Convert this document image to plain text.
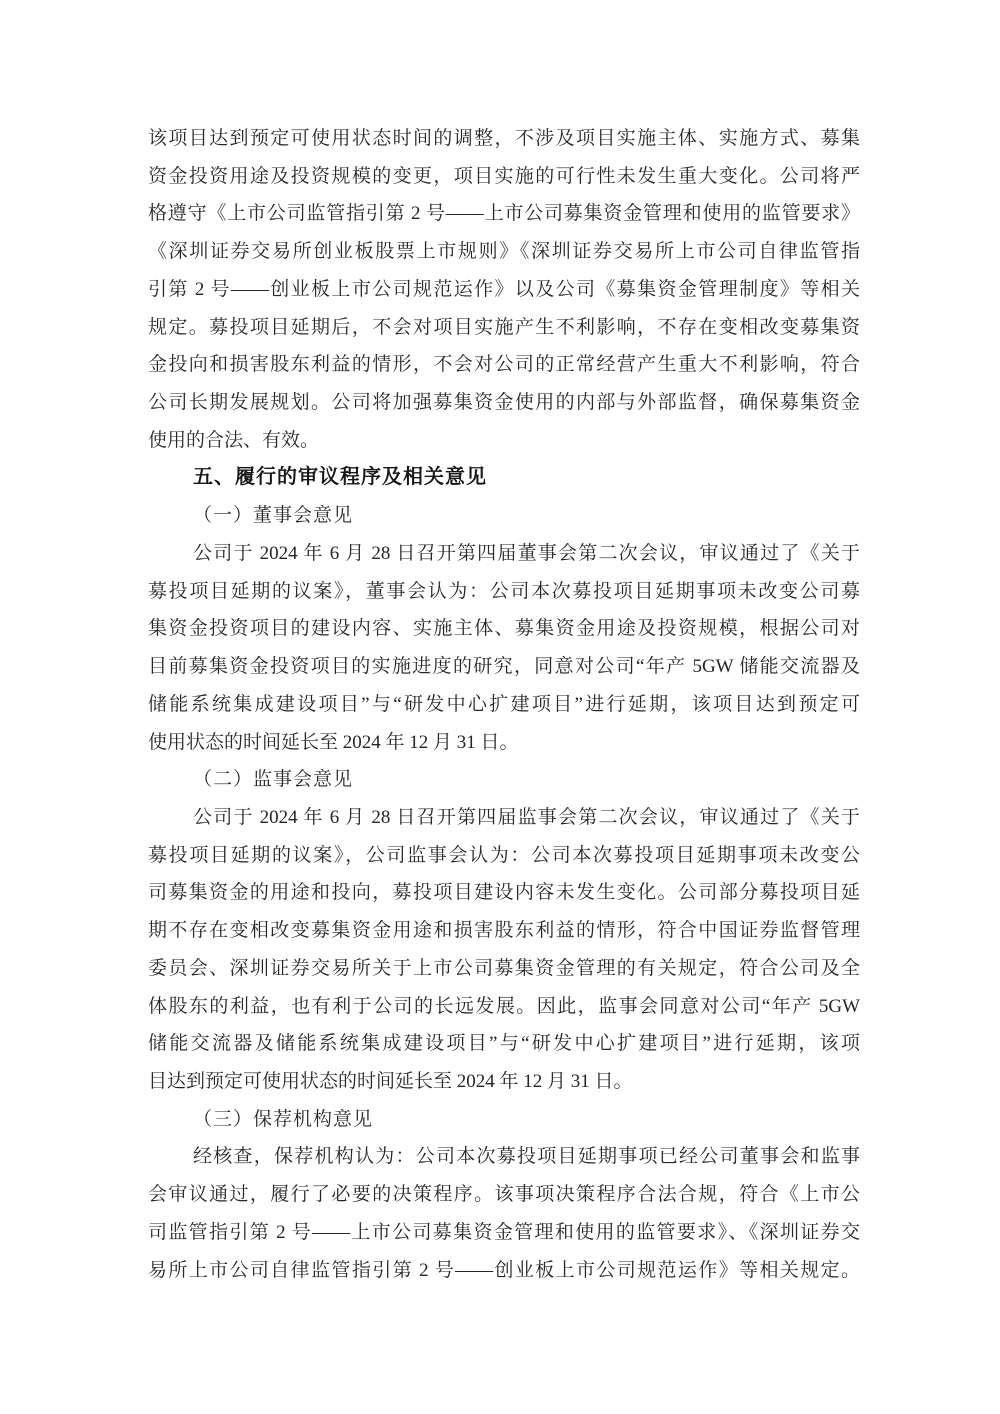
该项目达到预定可使用状态时间的调整，不涉及项目实施主体、实施方式、募集
资金投资用途及投资规模的变更，项目实施的可行性未发生重大变化。公司将严
格遵守《上市公司监管指引第 2 号——上市公司募集资金管理和使用的监管要求》
《深圳证券交易所创业板股票上市规则》《深圳证券交易所上市公司自律监管指
引第 2 号——创业板上市公司规范运作》以及公司《募集资金管理制度》等相关
规定。募投项目延期后，不会对项目实施产生不利影响，不存在变相改变募集资
金投向和损害股东利益的情形，不会对公司的正常经营产生重大不利影响，符合
公司长期发展规划。公司将加强募集资金使用的内部与外部监督，确保募集资金
使用的合法、有效。
五、履行的审议程序及相关意见
（一）董事会意见
公司于 2024 年 6 月 28 日召开第四届董事会第二次会议，审议通过了《关于
募投项目延期的议案》，董事会认为：公司本次募投项目延期事项未改变公司募
集资金投资项目的建设内容、实施主体、募集资金用途及投资规模，根据公司对
目前募集资金投资项目的实施进度的研究，同意对公司“年产 5GW 储能交流器及
储能系统集成建设项目”与“研发中心扩建项目”进行延期，该项目达到预定可
使用状态的时间延长至 2024 年 12 月 31 日。
（二）监事会意见
公司于 2024 年 6 月 28 日召开第四届监事会第二次会议，审议通过了《关于
募投项目延期的议案》，公司监事会认为：公司本次募投项目延期事项未改变公
司募集资金的用途和投向，募投项目建设内容未发生变化。公司部分募投项目延
期不存在变相改变募集资金用途和损害股东利益的情形，符合中国证券监督管理
委员会、深圳证券交易所关于上市公司募集资金管理的有关规定，符合公司及全
体股东的利益，也有利于公司的长远发展。因此，监事会同意对公司“年产 5GW
储能交流器及储能系统集成建设项目”与“研发中心扩建项目”进行延期，该项
目达到预定可使用状态的时间延长至 2024 年 12 月 31 日。
（三）保荐机构意见
经核查，保荐机构认为：公司本次募投项目延期事项已经公司董事会和监事
会审议通过，履行了必要的决策程序。该事项决策程序合法合规，符合《上市公
司监管指引第 2 号——上市公司募集资金管理和使用的监管要求》、《深圳证券交
易所上市公司自律监管指引第 2 号——创业板上市公司规范运作》等相关规定。
